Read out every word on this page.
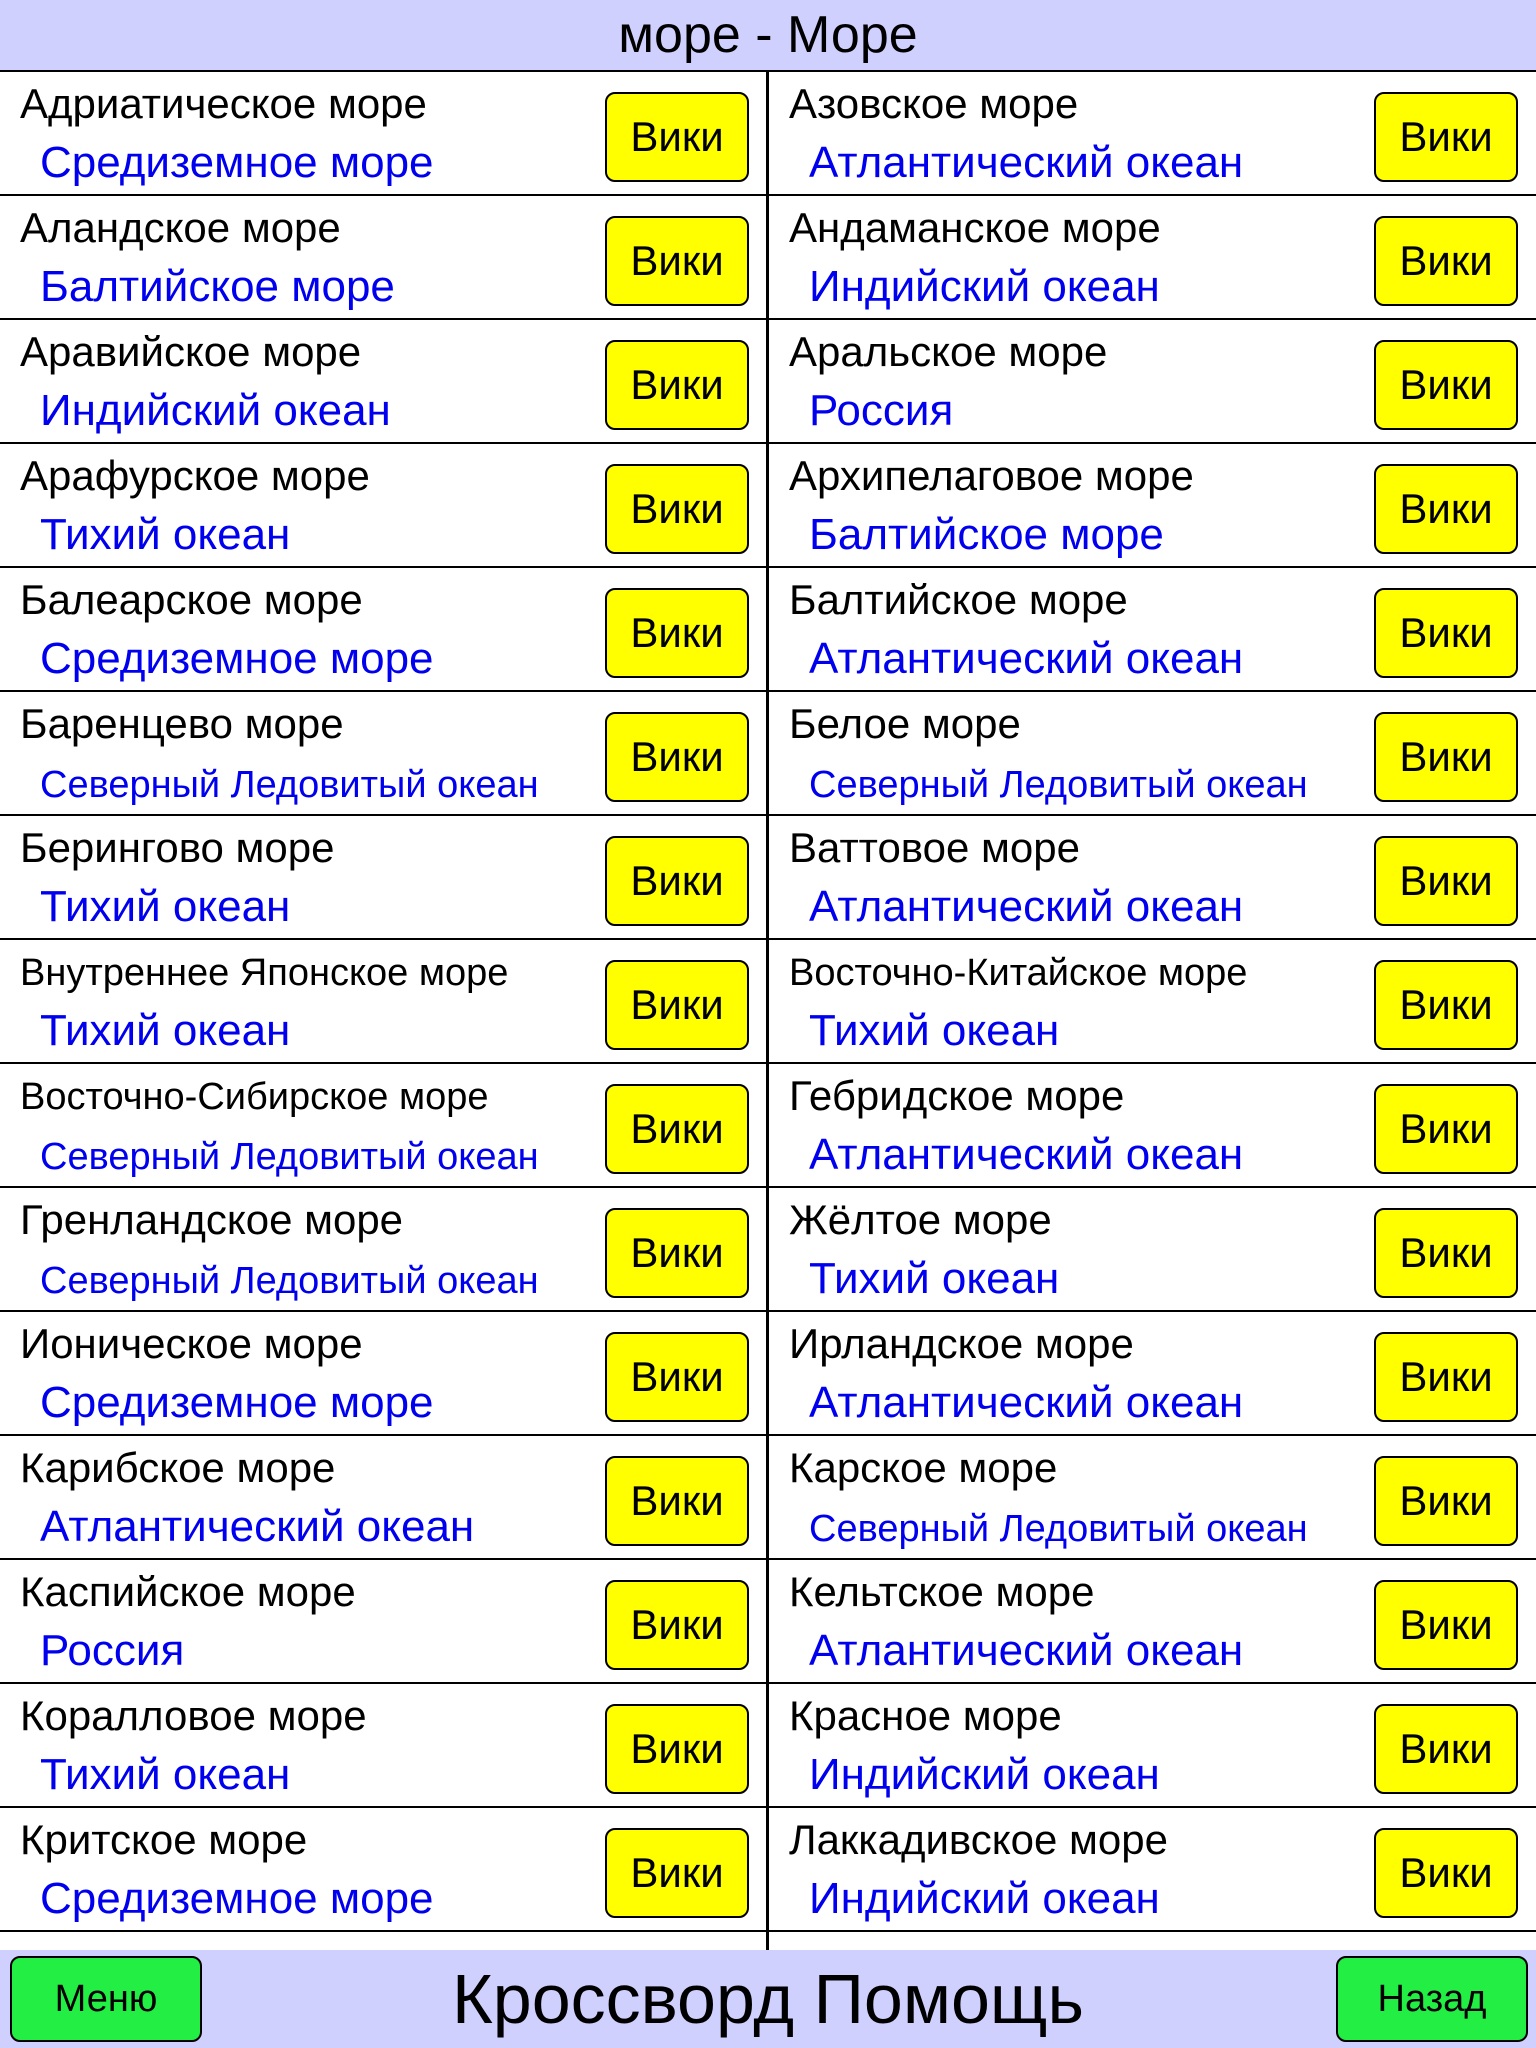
море - Море
Адриатическое море
Средиземное море
Вики
Азовское море
Атлантический океан
Вики
Аландское море
Балтийское море
Вики
Андаманское море
Индийский океан
Вики
Аравийское море
Индийский океан
Вики
Аральское море
Россия
Вики
Арафурское море
Тихий океан
Вики
Архипелаговое море
Балтийское море
Вики
Балеарское море
Средиземное море
Вики
Балтийское море
Атлантический океан
Вики
Баренцево море
Северный Ледовитый океан
Вики
Белое море
Северный Ледовитый океан
Вики
Берингово море
Тихий океан
Вики
Ваттовое море
Атлантический океан
Вики
Внутреннее Японское море
Тихий океан
Вики
Восточно-Китайское море
Тихий океан
Вики
Восточно-Сибирское море
Северный Ледовитый океан
Вики
Гебридское море
Атлантический океан
Вики
Гренландское море
Северный Ледовитый океан
Вики
Жёлтое море
Тихий океан
Вики
Ионическое море
Средиземное море
Вики
Ирландское море
Атлантический океан
Вики
Карибское море
Атлантический океан
Вики
Карское море
Северный Ледовитый океан
Вики
Каспийское море
Россия
Вики
Кельтское море
Атлантический океан
Вики
Коралловое море
Тихий океан
Вики
Красное море
Индийский океан
Вики
Критское море
Средиземное море
Вики
Лаккадивское море
Индийский океан
Вики
Кроссворд Помощь
Меню	Назад
